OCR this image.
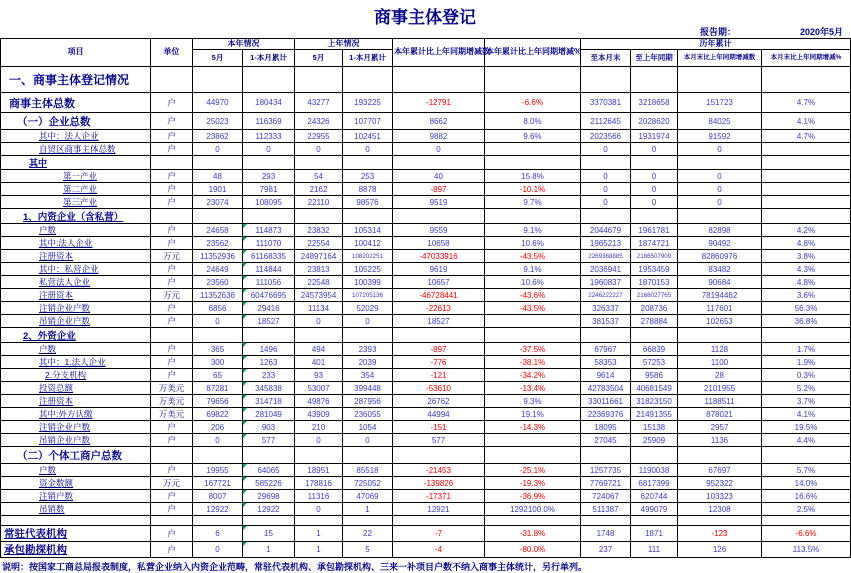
商事主体登记
报告期：	2020年5月
项目	单位	本年情况		上年情况		本年累计比上年同期增减数	本年累计比上年同期增减%	历年累计			
		5月	1-本月累计	5月	1-本月累计			至本月末	至上年同期	本月末比上年同期增减数	本月末比上年同期增减%
一、商事主体登记情况											
商事主体总数	户	44970	180434	43277	193225	-12791	-6.6%	3370381	3218658	151723	4.7%
（一）企业总数	户	25023	116369	24326	107707	8662	8.0%	2112645	2028620	84025	4.1%
其中：法人企业	户	23862	112333	22955	102451	9882	9.6%	2023566	1931974	91592	4.7%
自贸区商事主体总数	户	0	0	0	0	0		0	0	0	
其中											
第一产业	户	48	293	54	253	40	15.8%	0	0	0	
第二产业	户	1901	7981	2162	8878	-897	-10.1%	0	0	0	
第三产业	户	23074	108095	22110	98576	9519	9.7%	0	0	0	
1、内资企业（含私营）											
户数	户	24658	114873	23832	105314	9559	9.1%	2044679	1961781	82898	4.2%
其中:法人企业	户	23562	111070	22554	100412	10658	10.6%	1965213	1874721	90492	4.8%
注册资本	万元	11352936	61168335	24897164	108202251	-47033916	-43.5%	2269368885	2186507909	82860976	3.8%
其中：私营企业	户	24649	114844	23813	105225	9619	9.1%	2036941	1953459	83482	4.3%
私营法人企业	户	23560	111056	22548	100399	10657	10.6%	1960837	1870153	90684	4.8%
注册资本	万元	11352636	60476695	24573954	107205136	-46728441	-43.6%	2246222227	2168027765	78194462	3.6%
注销企业户数	户	6856	29416	11134	52029	-22613	-43.5%	326337	208736	117601	56.3%
吊销企业户数	户	0	18527	0	0	18527		381537	278884	102653	36.8%
2、外资企业											
户数	户	365	1496	494	2393	-897	-37.5%	67967	66839	1128	1.7%
其中：1.法人企业	户	300	1263	401	2039	-776	-38.1%	58353	57253	1100	1.9%
2.分支机构	户	65	233	93	354	-121	-34.2%	9614	9586	28	0.3%
投资总额	万美元	87281	345838	53007	399448	-53610	-13.4%	42783504	40681549	2101955	5.2%
注册资本	万美元	79656	314718	49876	287956	26762	9.3%	33011661	31823150	1188511	3.7%
其中:外方认缴	万美元	69822	281049	43909	236055	44994	19.1%	22369376	21491355	878021	4.1%
注销企业户数	户	206	903	210	1054	-151	-14.3%	18095	15138	2957	19.5%
吊销企业户数	户	0	577	0	0	577		27045	25909	1136	4.4%
（二）个体工商户总数											
户数	户	19955	64065	18951	85518	-21453	-25.1%	1257735	1190038	67697	5.7%
资金数额	万元	167721	585226	178816	725052	-139826	-19.3%	7769721	6817399	952322	14.0%
注销户数	户	8007	29698	11316	47069	-17371	-36.9%	724067	620744	103323	16.6%
吊销数	户	12922	12922	0	1	12921	1292100.0%	511387	499079	12308	2.5%

常驻代表机构	户	6	15	1	22	-7	-31.8%	1748	1871	-123	-6.6%
承包勘探机构	户	0	1	1	5	-4	-80.0%	237	111	126	113.5%
说明：按国家工商总局报表制度，私营企业纳入内资企业范畴，常驻代表机构、承包勘探机构、三来一补项目户数不纳入商事主体统计，另行单列。
